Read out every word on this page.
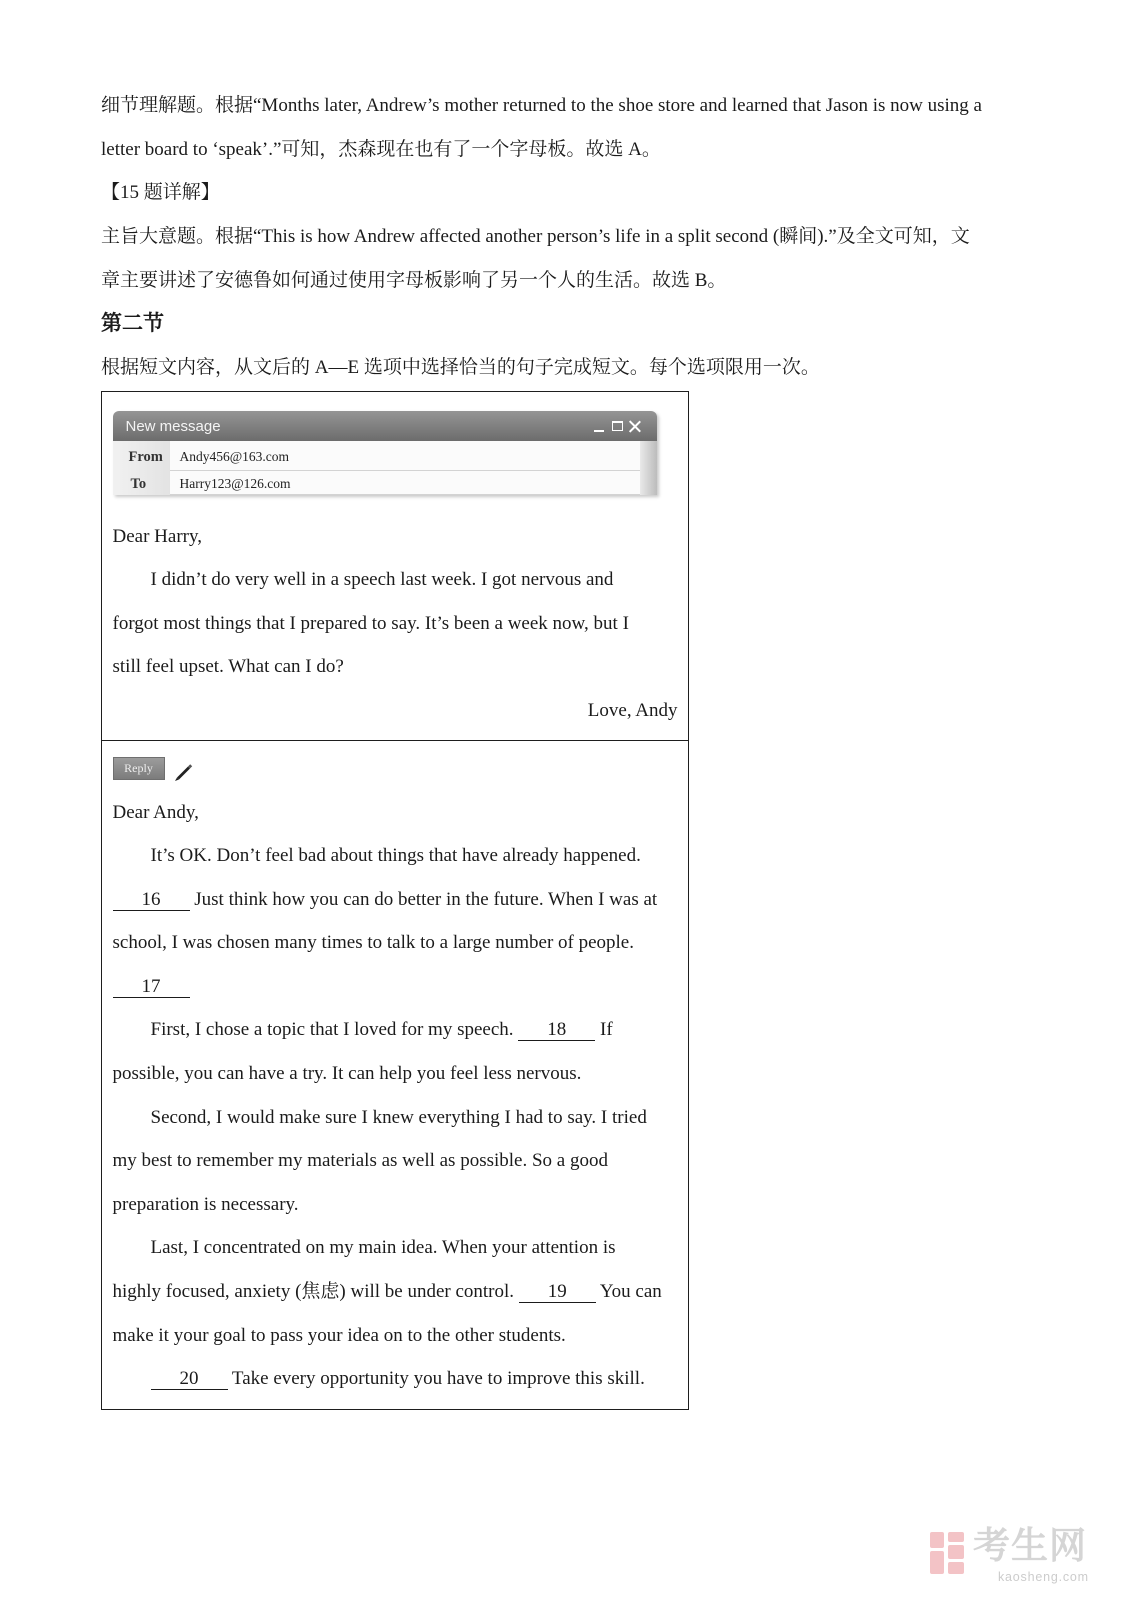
细节理解题。根据“Months later, Andrew’s mother returned to the shoe store and learned that Jason is now using a
letter board to ‘speak’.”可知，杰森现在也有了一个字母板。故选 A。
【15 题详解】
主旨大意题。根据“This is how Andrew affected another person’s life in a split second (瞬间).”及全文可知，文
章主要讲述了安德鲁如何通过使用字母板影响了另一个人的生活。故选 B。
第二节
根据短文内容，从文后的 A—E 选项中选择恰当的句子完成短文。每个选项限用一次。
New message
From Andy456@163.com
To Harry123@126.com
Dear Harry,
I didn’t do very well in a speech last week. I got nervous and
forgot most things that I prepared to say. It’s been a week now, but I
still feel upset. What can I do?
Love, Andy
Reply
Dear Andy,
It’s OK. Don’t feel bad about things that have already happened.
16 Just think how you can do better in the future. When I was at
school, I was chosen many times to talk to a large number of people.
17
First, I chose a topic that I loved for my speech. 18 If
possible, you can have a try. It can help you feel less nervous.
Second, I would make sure I knew everything I had to say. I tried
my best to remember my materials as well as possible. So a good
preparation is necessary.
Last, I concentrated on my main idea. When your attention is
highly focused, anxiety (焦虑) will be under control. 19 You can
make it your goal to pass your idea on to the other students.
20 Take every opportunity you have to improve this skill.
考生网
kaosheng.com
